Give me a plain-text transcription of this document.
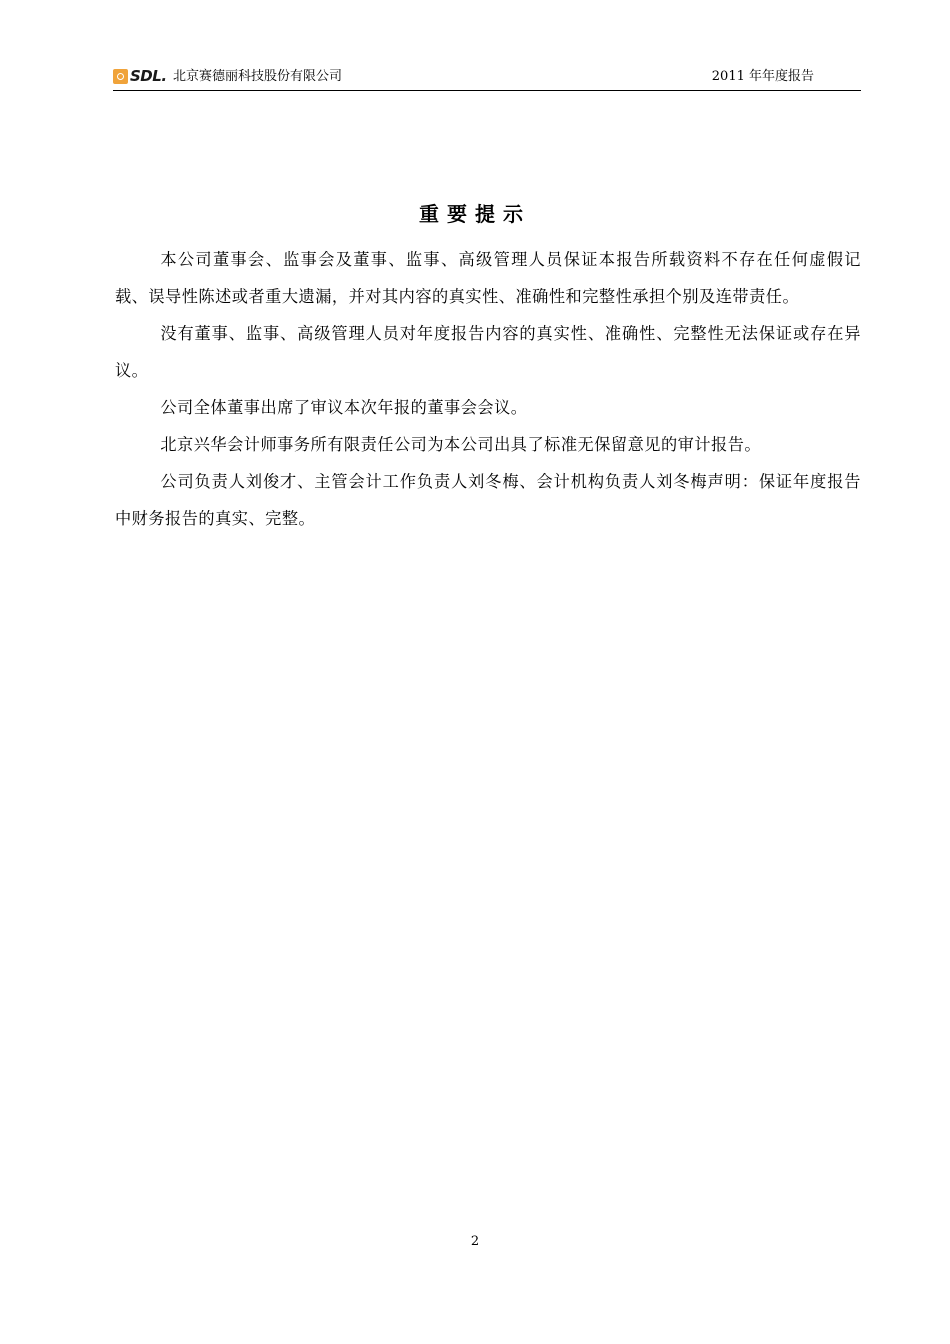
SDL. 北京赛德丽科技股份有限公司	2011 年年度报告
重要提示

本公司董事会、监事会及董事、监事、高级管理人员保证本报告所载资料不存在任何虚假记载、误导性陈述或者重大遗漏，并对其内容的真实性、准确性和完整性承担个别及连带责任。

没有董事、监事、高级管理人员对年度报告内容的真实性、准确性、完整性无法保证或存在异议。

公司全体董事出席了审议本次年报的董事会会议。

北京兴华会计师事务所有限责任公司为本公司出具了标准无保留意见的审计报告。

公司负责人刘俊才、主管会计工作负责人刘冬梅、会计机构负责人刘冬梅声明：保证年度报告中财务报告的真实、完整。

2
